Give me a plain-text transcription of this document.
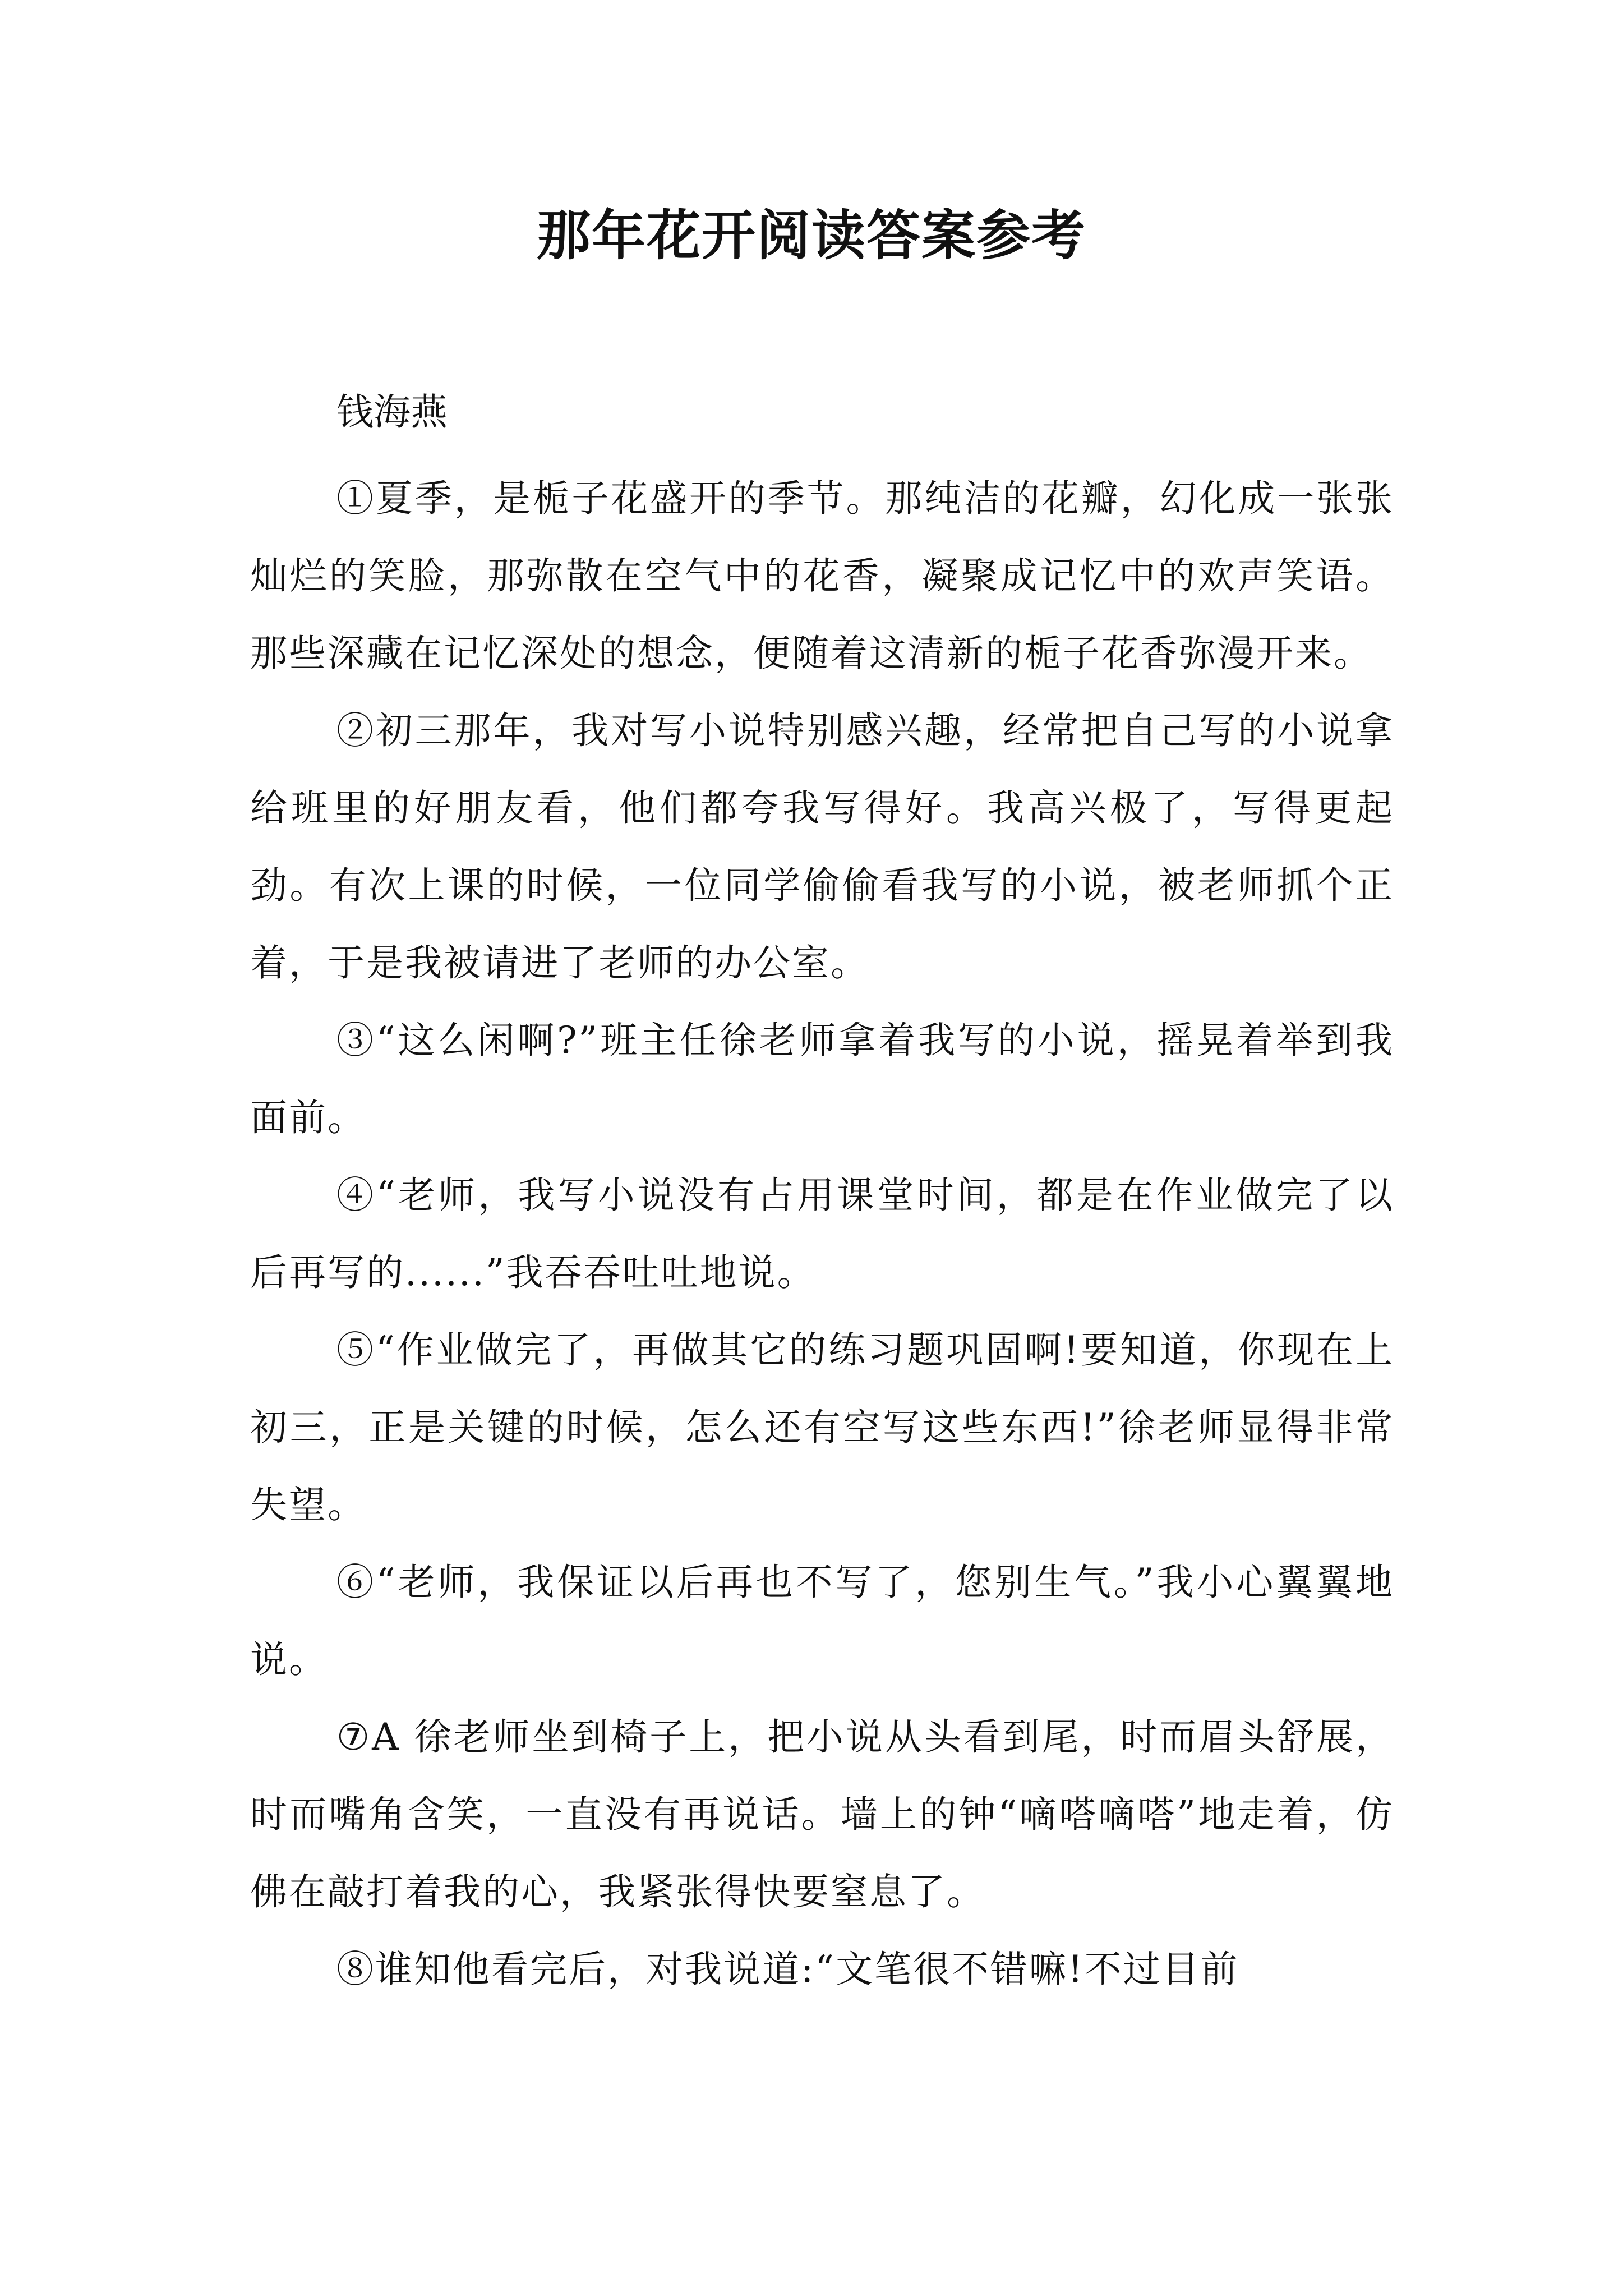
那年花开阅读答案参考

钱海燕

①夏季，是栀子花盛开的季节。那纯洁的花瓣，幻化成一张张灿烂的笑脸，那弥散在空气中的花香，凝聚成记忆中的欢声笑语。那些深藏在记忆深处的想念，便随着这清新的栀子花香弥漫开来。

②初三那年，我对写小说特别感兴趣，经常把自己写的小说拿给班里的好朋友看，他们都夸我写得好。我高兴极了，写得更起劲。有次上课的时候，一位同学偷偷看我写的小说，被老师抓个正着，于是我被请进了老师的办公室。

③“这么闲啊?”班主任徐老师拿着我写的小说，摇晃着举到我面前。

④“老师，我写小说没有占用课堂时间，都是在作业做完了以后再写的......”我吞吞吐吐地说。

⑤“作业做完了，再做其它的练习题巩固啊!要知道，你现在上初三，正是关键的时候，怎么还有空写这些东西!”徐老师显得非常失望。

⑥“老师，我保证以后再也不写了，您别生气。”我小心翼翼地说。

⑦A 徐老师坐到椅子上，把小说从头看到尾，时而眉头舒展，时而嘴角含笑，一直没有再说话。墙上的钟“嘀嗒嘀嗒”地走着，仿佛在敲打着我的心，我紧张得快要窒息了。

⑧谁知他看完后，对我说道:“文笔很不错嘛!不过目前
